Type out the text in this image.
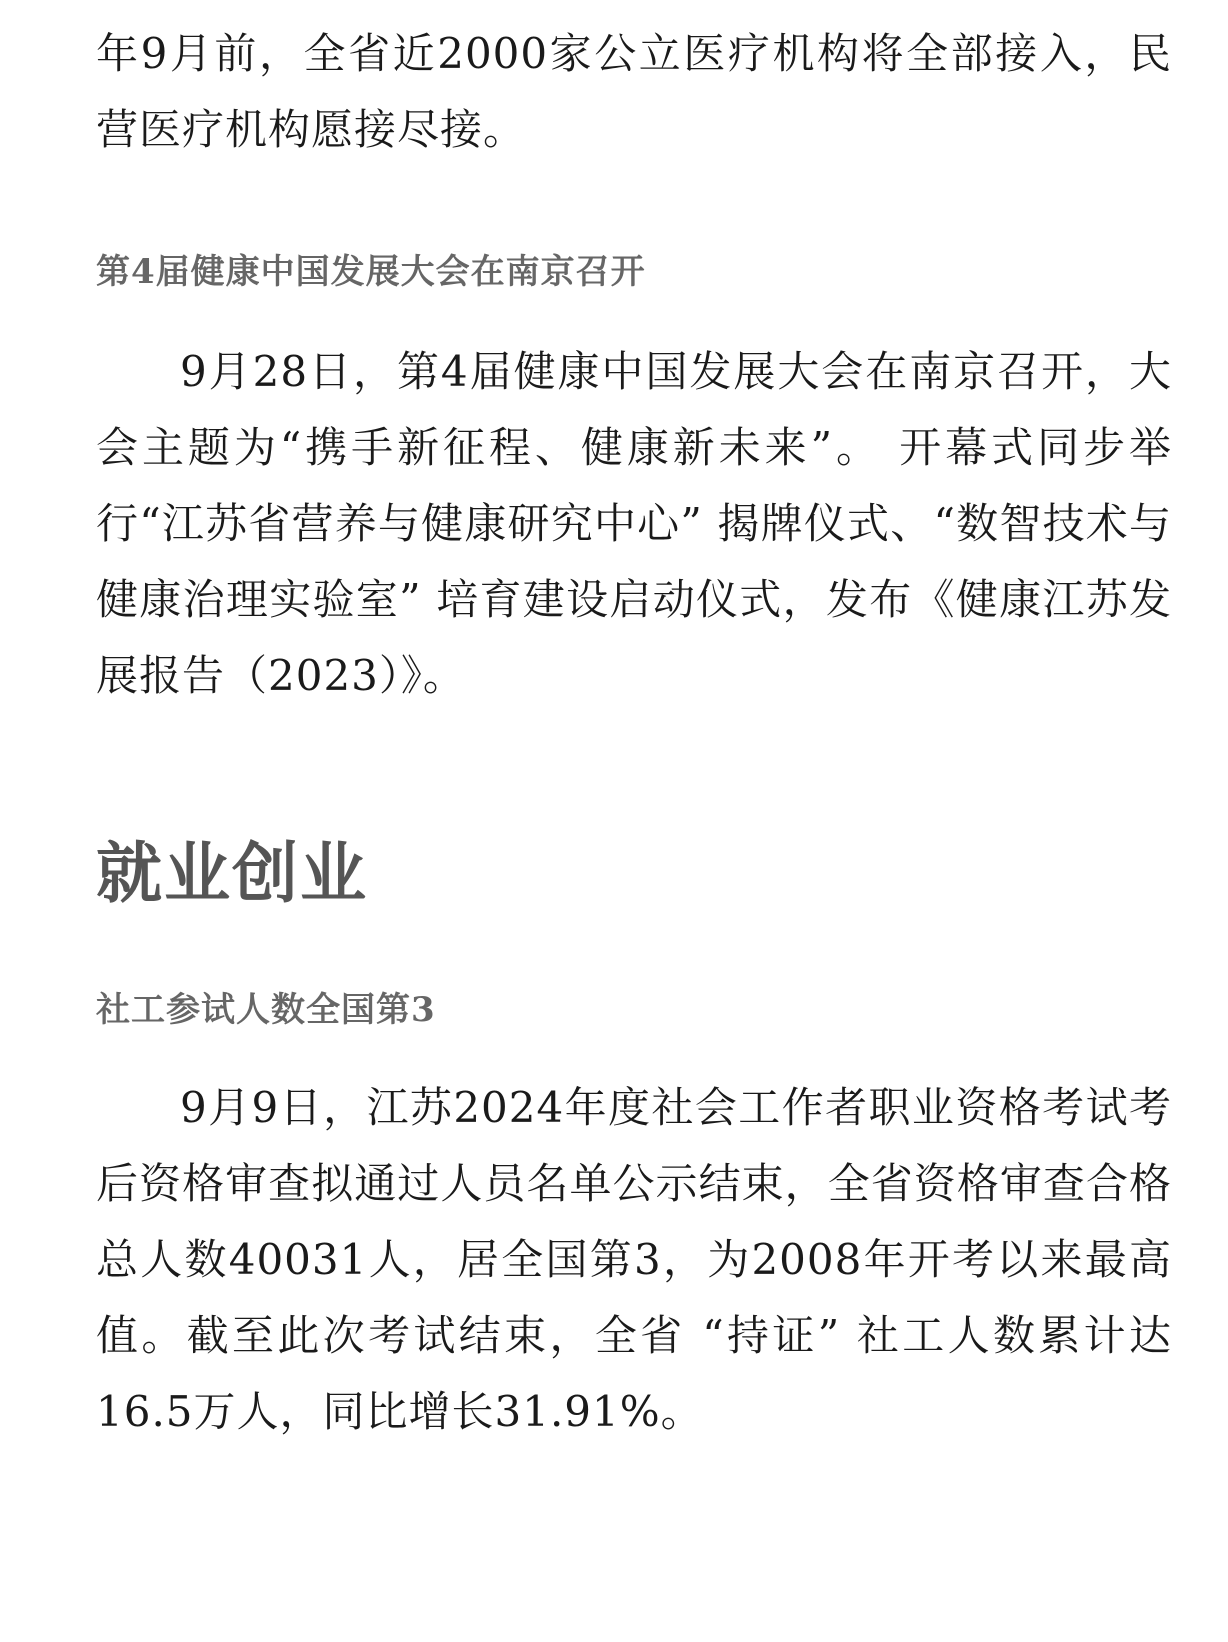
年9月前，全省近2000家公立医疗机构将全部接入，民营医疗机构愿接尽接。

第4届健康中国发展大会在南京召开

9月28日，第4届健康中国发展大会在南京召开，大会主题为“携手新征程、健康新未来”。 开幕式同步举行“江苏省营养与健康研究中心” 揭牌仪式、“数智技术与健康治理实验室” 培育建设启动仪式，发布《健康江苏发展报告（2023）》。

就业创业
社工参试人数全国第3

9月9日，江苏2024年度社会工作者职业资格考试考后资格审查拟通过人员名单公示结束，全省资格审查合格总人数40031人，居全国第3，为2008年开考以来最高值。截至此次考试结束，全省 “持证” 社工人数累计达16.5万人，同比增长31.91%。
